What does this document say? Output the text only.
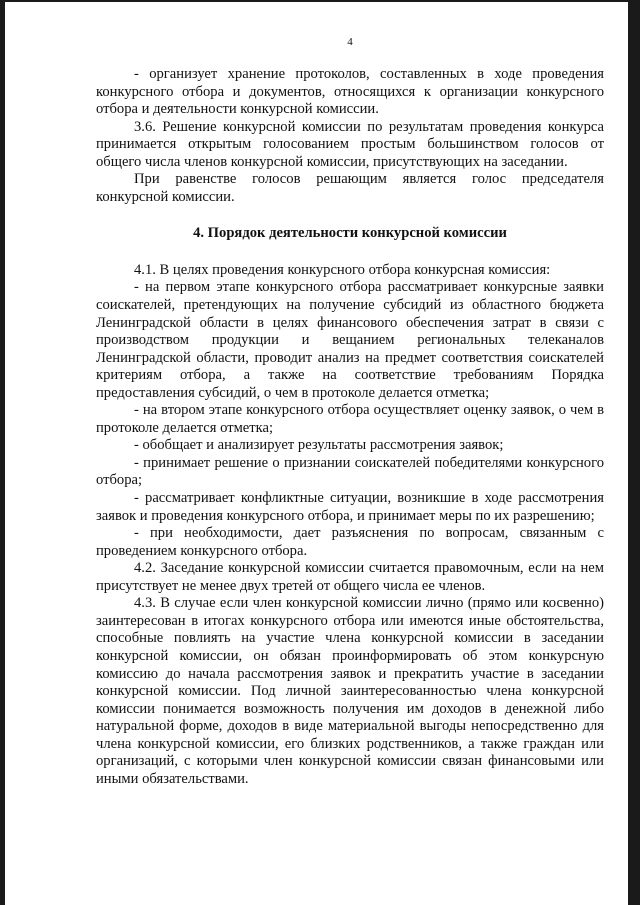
4

- организует хранение протоколов, составленных в ходе проведения конкурсного отбора и документов, относящихся к организации конкурсного отбора и деятельности конкурсной комиссии.

3.6. Решение конкурсной комиссии по результатам проведения конкурса принимается открытым голосованием простым большинством голосов от общего числа членов конкурсной комиссии, присутствующих на заседании.

При равенстве голосов решающим является голос председателя конкурсной комиссии.

4. Порядок деятельности конкурсной комиссии

4.1. В целях проведения конкурсного отбора конкурсная комиссия:

- на первом этапе конкурсного отбора рассматривает конкурсные заявки соискателей, претендующих на получение субсидий из областного бюджета Ленинградской области в целях финансового обеспечения затрат в связи с производством продукции и вещанием региональных телеканалов Ленинградской области, проводит анализ на предмет соответствия соискателей критериям отбора, а также на соответствие требованиям Порядка предоставления субсидий, о чем в протоколе делается отметка;

- на втором этапе конкурсного отбора осуществляет оценку заявок, о чем в протоколе делается отметка;

- обобщает и анализирует результаты рассмотрения заявок;

- принимает решение о признании соискателей победителями конкурсного отбора;

- рассматривает конфликтные ситуации, возникшие в ходе рассмотрения заявок и проведения конкурсного отбора, и принимает меры по их разрешению;

- при необходимости, дает разъяснения по вопросам, связанным с проведением конкурсного отбора.

4.2. Заседание конкурсной комиссии считается правомочным, если на нем присутствует не менее двух третей от общего числа ее членов.

4.3. В случае если член конкурсной комиссии лично (прямо или косвенно) заинтересован в итогах конкурсного отбора или имеются иные обстоятельства, способные повлиять на участие члена конкурсной комиссии в заседании конкурсной комиссии, он обязан проинформировать об этом конкурсную комиссию до начала рассмотрения заявок и прекратить участие в заседании конкурсной комиссии. Под личной заинтересованностью члена конкурсной комиссии понимается возможность получения им доходов в денежной либо натуральной форме, доходов в виде материальной выгоды непосредственно для члена конкурсной комиссии, его близких родственников, а также граждан или организаций, с которыми член конкурсной комиссии связан финансовыми или иными обязательствами.
